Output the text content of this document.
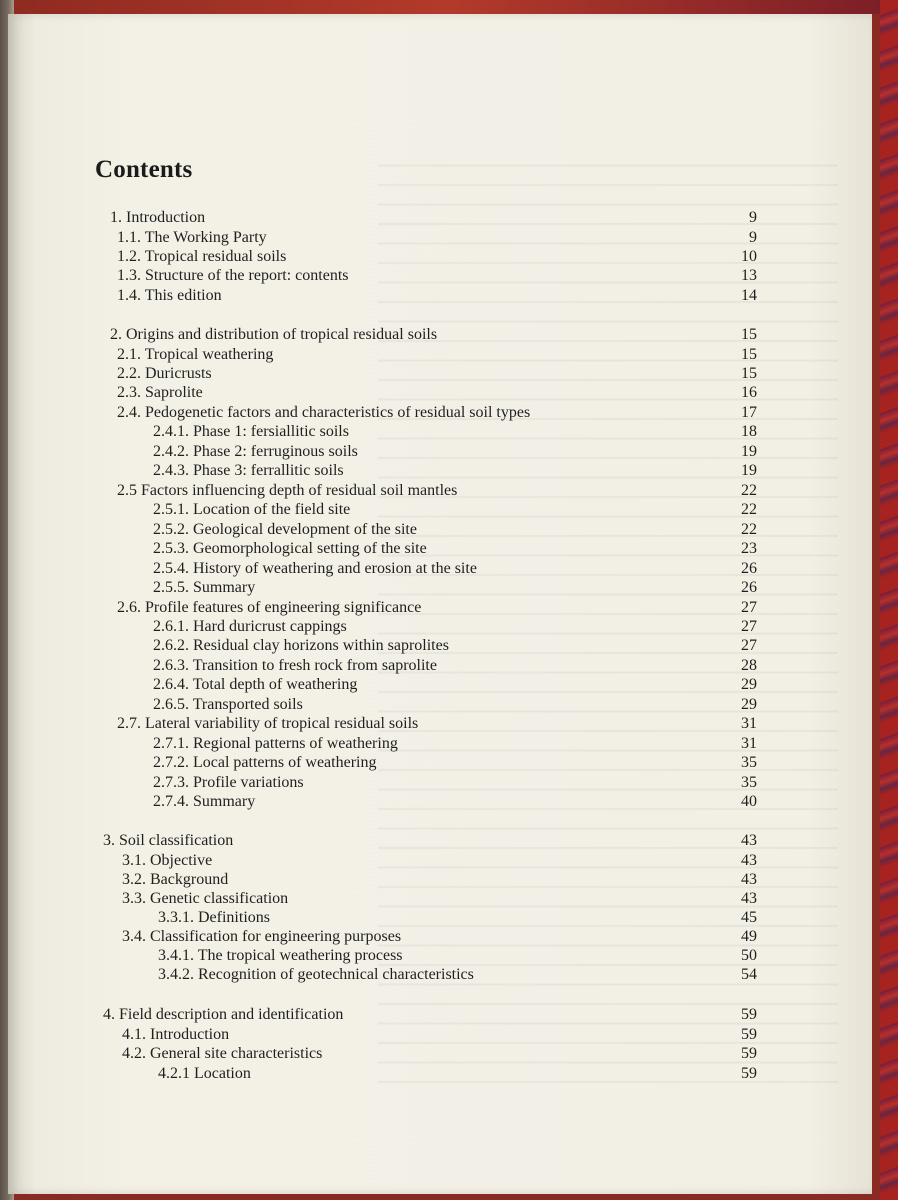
Contents
1. Introduction	9
1.1. The Working Party	9
1.2. Tropical residual soils	10
1.3. Structure of the report: contents	13
1.4. This edition	14
2. Origins and distribution of tropical residual soils	15
2.1. Tropical weathering	15
2.2. Duricrusts	15
2.3. Saprolite	16
2.4. Pedogenetic factors and characteristics of residual soil types	17
2.4.1. Phase 1: fersiallitic soils	18
2.4.2. Phase 2: ferruginous soils	19
2.4.3. Phase 3: ferrallitic soils	19
2.5 Factors influencing depth of residual soil mantles	22
2.5.1. Location of the field site	22
2.5.2. Geological development of the site	22
2.5.3. Geomorphological setting of the site	23
2.5.4. History of weathering and erosion at the site	26
2.5.5. Summary	26
2.6. Profile features of engineering significance	27
2.6.1. Hard duricrust cappings	27
2.6.2. Residual clay horizons within saprolites	27
2.6.3. Transition to fresh rock from saprolite	28
2.6.4. Total depth of weathering	29
2.6.5. Transported soils	29
2.7. Lateral variability of tropical residual soils	31
2.7.1. Regional patterns of weathering	31
2.7.2. Local patterns of weathering	35
2.7.3. Profile variations	35
2.7.4. Summary	40
3. Soil classification	43
3.1. Objective	43
3.2. Background	43
3.3. Genetic classification	43
3.3.1. Definitions	45
3.4. Classification for engineering purposes	49
3.4.1. The tropical weathering process	50
3.4.2. Recognition of geotechnical characteristics	54
4. Field description and identification	59
4.1. Introduction	59
4.2. General site characteristics	59
4.2.1 Location	59
